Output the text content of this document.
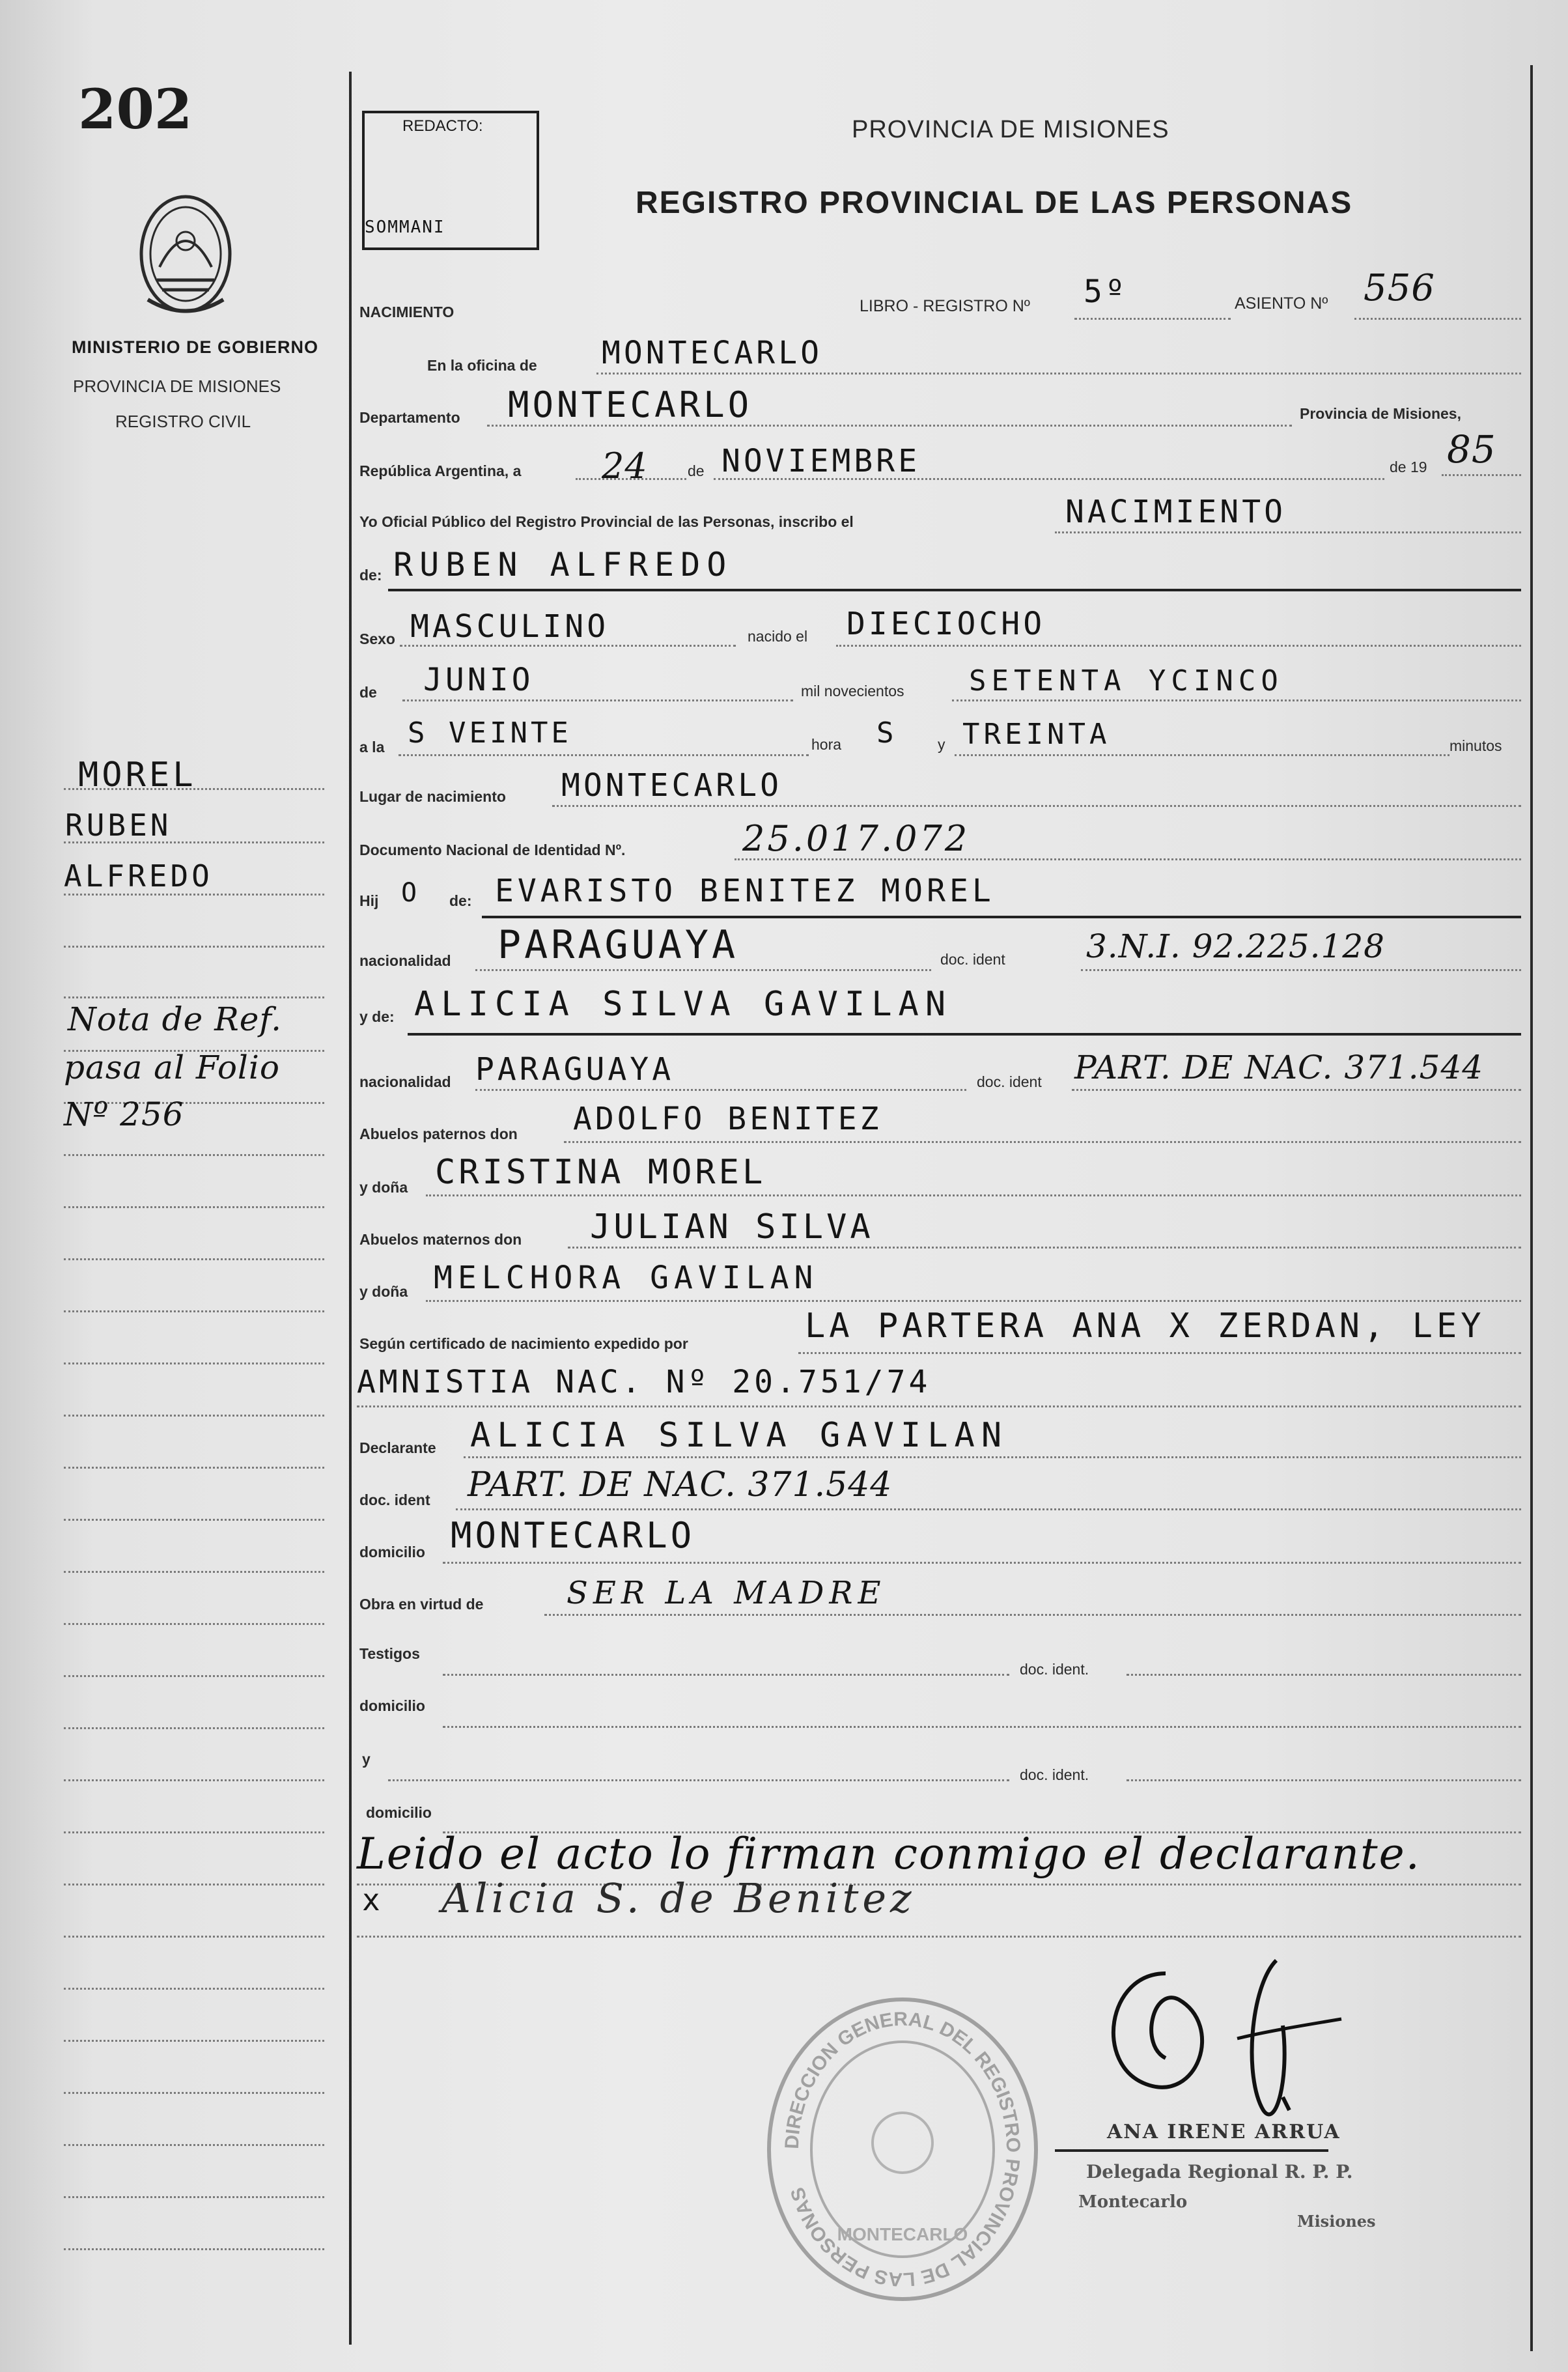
202
MINISTERIO DE GOBIERNO
PROVINCIA DE MISIONES
REGISTRO CIVIL
MOREL
RUBEN
ALFREDO
Nota de Ref.
pasa al Folio
Nº 256
REDACTO:
SOMMANI
PROVINCIA DE MISIONES
REGISTRO PROVINCIAL DE LAS PERSONAS
NACIMIENTO	LIBRO - REGISTRO Nº 5º	ASIENTO Nº 556
En la oficina de MONTECARLO
Departamento MONTECARLO	Provincia de Misiones,
República Argentina, a 24	de NOVIEMBRE	de 19 85
Yo Oficial Público del Registro Provincial de las Personas, inscribo el	NACIMIENTO
de: RUBEN ALFREDO
Sexo MASCULINO	nacido el DIECIOCHO
de JUNIO	mil novecientos SETENTA YCINCO
a la S VEINTE	hora S	y TREINTA	minutos
Lugar de nacimiento MONTECARLO
Documento Nacional de Identidad Nº.	25.017.072
Hij O de: EVARISTO BENITEZ MOREL
nacionalidad PARAGUAYA	doc. ident 3.N.I. 92.225.128
y de: ALICIA SILVA GAVILAN
nacionalidad PARAGUAYA	doc. ident PART. DE NAC. 371.544
Abuelos paternos don ADOLFO BENITEZ
y doña CRISTINA MOREL
Abuelos maternos don JULIAN SILVA
y doña MELCHORA GAVILAN
Según certificado de nacimiento expedido por	LA PARTERA ANA X ZERDAN, LEY
AMNISTIA NAC. Nº 20.751/74
Declarante ALICIA SILVA GAVILAN
doc. ident PART. DE NAC. 371.544
domicilio MONTECARLO
Obra en virtud de	SER LA MADRE
Testigos
doc. ident.
domicilio
y
doc. ident.
domicilio
Leido el acto lo firman conmigo el declarante.
x Alicia S. de Benitez
ANA IRENE ARRUA
Delegada Regional R. P. P.
Montecarlo
Misiones
DIRECCION GENERAL DEL REGISTRO PROVINCIAL DE LAS PERSONAS
MONTECARLO
